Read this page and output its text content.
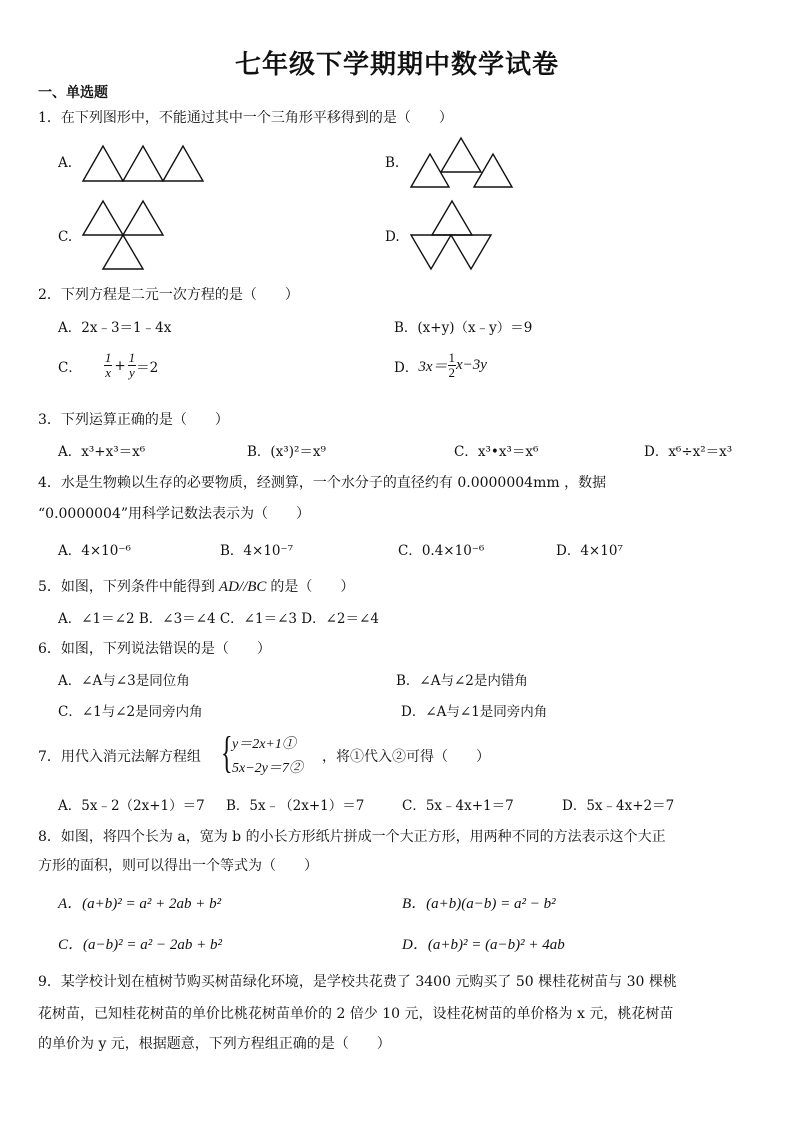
七年级下学期期中数学试卷
一、单选题
1．在下列图形中，不能通过其中一个三角形平移得到的是（　　）
A.	B.
C.	D.
2．下列方程是二元一次方程的是（　　）
A．2x﹣3＝1﹣4x	B．(x+y)（x﹣y）＝9
C． $\frac{1}{x} + \frac{1}{y} =2$	D． $3x= \frac{1}{2} x-3y$
3．下列运算正确的是（　　）
A．x³+x³＝x⁶	B．(x³)²＝x⁹	C．x³•x³＝x⁶	D．x⁶÷x²＝x³
4．水是生物赖以生存的必要物质，经测算，一个水分子的直径约有 0.0000004mm ，数据
“0.0000004”用科学记数法表示为（　　）
A．4×10⁻⁶	B．4×10⁻⁷	C．0.4×10⁻⁶	D．4×10⁷
5．如图，下列条件中能得到 AD//BC 的是（　　）
A．∠1＝∠2 B．∠3＝∠4 C．∠1＝∠3 D．∠2＝∠4
6．如图，下列说法错误的是（　　）
A．∠A与∠3是同位角	B．∠A与∠2是内错角
C．∠1与∠2是同旁内角	D．∠A与∠1是同旁内角
7．用代入消元法解方程组 { y＝2x+1①
5x−2y＝7②
，将①代入②可得（　　）
A．5x﹣2（2x+1）＝7 B．5x﹣（2x+1）＝7	C．5x﹣4x+1＝7	D．5x﹣4x+2＝7
8．如图，将四个长为 a，宽为 b 的小长方形纸片拼成一个大正方形，用两种不同的方法表示这个大正
方形的面积，则可以得出一个等式为（　　）
A．(a+b)² = a² + 2ab + b²	B．(a+b)(a−b) = a² − b²
C．(a−b)² = a² − 2ab + b²	D．(a+b)² = (a−b)² + 4ab
9．某学校计划在植树节购买树苗绿化环境，是学校共花费了 3400 元购买了 50 棵桂花树苗与 30 棵桃
花树苗，已知桂花树苗的单价比桃花树苗单价的 2 倍少 10 元，设桂花树苗的单价格为 x 元，桃花树苗
的单价为 y 元，根据题意，下列方程组正确的是（　　）
